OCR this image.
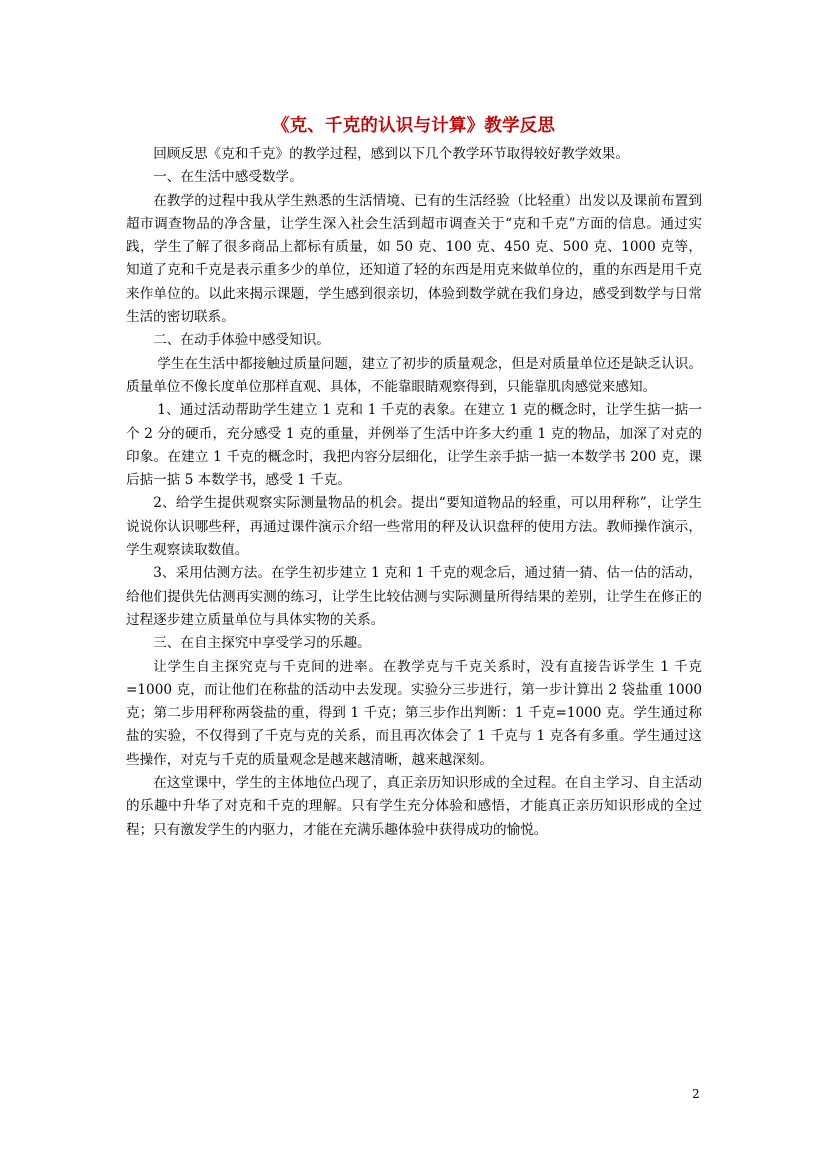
《克、千克的认识与计算》教学反思

回顾反思《克和千克》的教学过程，感到以下几个教学环节取得较好教学效果。

一、在生活中感受数学。

在教学的过程中我从学生熟悉的生活情境、已有的生活经验（比轻重）出发以及课前布置到超市调查物品的净含量，让学生深入社会生活到超市调查关于“克和千克”方面的信息。通过实践，学生了解了很多商品上都标有质量，如 50 克、100 克、450 克、500 克、1000 克等，知道了克和千克是表示重多少的单位，还知道了轻的东西是用克来做单位的，重的东西是用千克来作单位的。以此来揭示课题，学生感到很亲切，体验到数学就在我们身边，感受到数学与日常生活的密切联系。

二、在动手体验中感受知识。

学生在生活中都接触过质量问题，建立了初步的质量观念，但是对质量单位还是缺乏认识。质量单位不像长度单位那样直观、具体，不能靠眼睛观察得到，只能靠肌肉感觉来感知。

1、通过活动帮助学生建立 1 克和 1 千克的表象。在建立 1 克的概念时，让学生掂一掂一个 2 分的硬币，充分感受 1 克的重量，并例举了生活中许多大约重 1 克的物品，加深了对克的印象。在建立 1 千克的概念时，我把内容分层细化，让学生亲手掂一掂一本数学书 200 克，课后掂一掂 5 本数学书，感受 1 千克。

2、给学生提供观察实际测量物品的机会。提出“要知道物品的轻重，可以用秤称”，让学生说说你认识哪些秤，再通过课件演示介绍一些常用的秤及认识盘秤的使用方法。教师操作演示，学生观察读取数值。

3、采用估测方法。在学生初步建立 1 克和 1 千克的观念后，通过猜一猜、估一估的活动，给他们提供先估测再实测的练习，让学生比较估测与实际测量所得结果的差别，让学生在修正的过程逐步建立质量单位与具体实物的关系。

三、在自主探究中享受学习的乐趣。

让学生自主探究克与千克间的进率。在教学克与千克关系时，没有直接告诉学生 1 千克=1000 克，而让他们在称盐的活动中去发现。实验分三步进行，第一步计算出 2 袋盐重 1000 克；第二步用秤称两袋盐的重，得到 1 千克；第三步作出判断：1 千克=1000 克。学生通过称盐的实验，不仅得到了千克与克的关系，而且再次体会了 1 千克与 1 克各有多重。学生通过这些操作，对克与千克的质量观念是越来越清晰，越来越深刻。

在这堂课中，学生的主体地位凸现了，真正亲历知识形成的全过程。在自主学习、自主活动的乐趣中升华了对克和千克的理解。只有学生充分体验和感悟，才能真正亲历知识形成的全过程；只有激发学生的内驱力，才能在充满乐趣体验中获得成功的愉悦。

2
